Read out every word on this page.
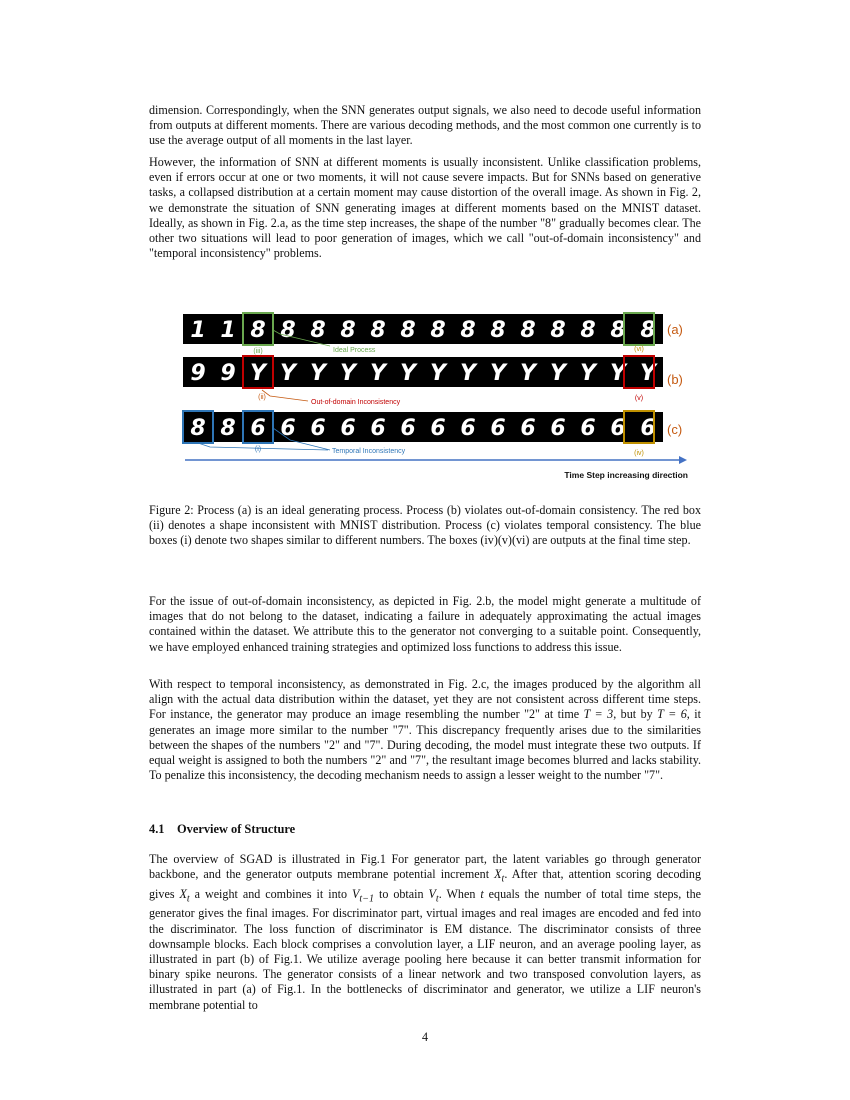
dimension. Correspondingly, when the SNN generates output signals, we also need to decode useful information from outputs at different moments. There are various decoding methods, and the most common one currently is to use the average output of all moments in the last layer.

However, the information of SNN at different moments is usually inconsistent. Unlike classification problems, even if errors occur at one or two moments, it will not cause severe impacts. But for SNNs based on generative tasks, a collapsed distribution at a certain moment may cause distortion of the overall image. As shown in Fig. 2, we demonstrate the situation of SNN generating images at different moments based on the MNIST dataset. Ideally, as shown in Fig. 2.a, as the time step increases, the shape of the number "8" gradually becomes clear. The other two situations will lead to poor generation of images, which we call "out-of-domain inconsistency" and "temporal inconsistency" problems.

1 1 8 8 8 8 8 8 8 8 8 8 8 8 8 8
9 9 Y Y Y Y Y Y Y Y Y Y Y Y Y Y
8 8 6 6 6 6 6 6 6 6 6 6 6 6 6 6
(iii)	(vi)
(ii)	(v)
(i)
(iv)
Ideal Process
Out-of-domain Inconsistency
Temporal Inconsistency
(a)
(b)
(c)
Time Step increasing direction

Figure 2: Process (a) is an ideal generating process. Process (b) violates out-of-domain consistency. The red box (ii) denotes a shape inconsistent with MNIST distribution. Process (c) violates temporal consistency. The blue boxes (i) denote two shapes similar to different numbers. The boxes (iv)(v)(vi) are outputs at the final time step.

For the issue of out-of-domain inconsistency, as depicted in Fig. 2.b, the model might generate a multitude of images that do not belong to the dataset, indicating a failure in adequately approximating the actual images contained within the dataset. We attribute this to the generator not converging to a suitable point. Consequently, we have employed enhanced training strategies and optimized loss functions to address this issue.

With respect to temporal inconsistency, as demonstrated in Fig. 2.c, the images produced by the algorithm all align with the actual data distribution within the dataset, yet they are not consistent across different time steps. For instance, the generator may produce an image resembling the number "2" at time T = 3, but by T = 6, it generates an image more similar to the number "7". This discrepancy frequently arises due to the similarities between the shapes of the numbers "2" and "7". During decoding, the model must integrate these two outputs. If equal weight is assigned to both the numbers "2" and "7", the resultant image becomes blurred and lacks stability. To penalize this inconsistency, the decoding mechanism needs to assign a lesser weight to the number "7".

4.1 Overview of Structure

The overview of SGAD is illustrated in Fig.1 For generator part, the latent variables go through generator backbone, and the generator outputs membrane potential increment $X_t$. After that, attention scoring decoding gives $X_t$ a weight and combines it into $V_{t-1}$ to obtain $V_t$. When t equals the number of total time steps, the generator gives the final images. For discriminator part, virtual images and real images are encoded and fed into the discriminator. The loss function of discriminator is EM distance. The discriminator consists of three downsample blocks. Each block comprises a convolution layer, a LIF neuron, and an average pooling layer, as illustrated in part (b) of Fig.1. We utilize average pooling here because it can better transmit information for binary spike neurons. The generator consists of a linear network and two transposed convolution layers, as illustrated in part (a) of Fig.1. In the bottlenecks of discriminator and generator, we utilize a LIF neuron's membrane potential to

4
